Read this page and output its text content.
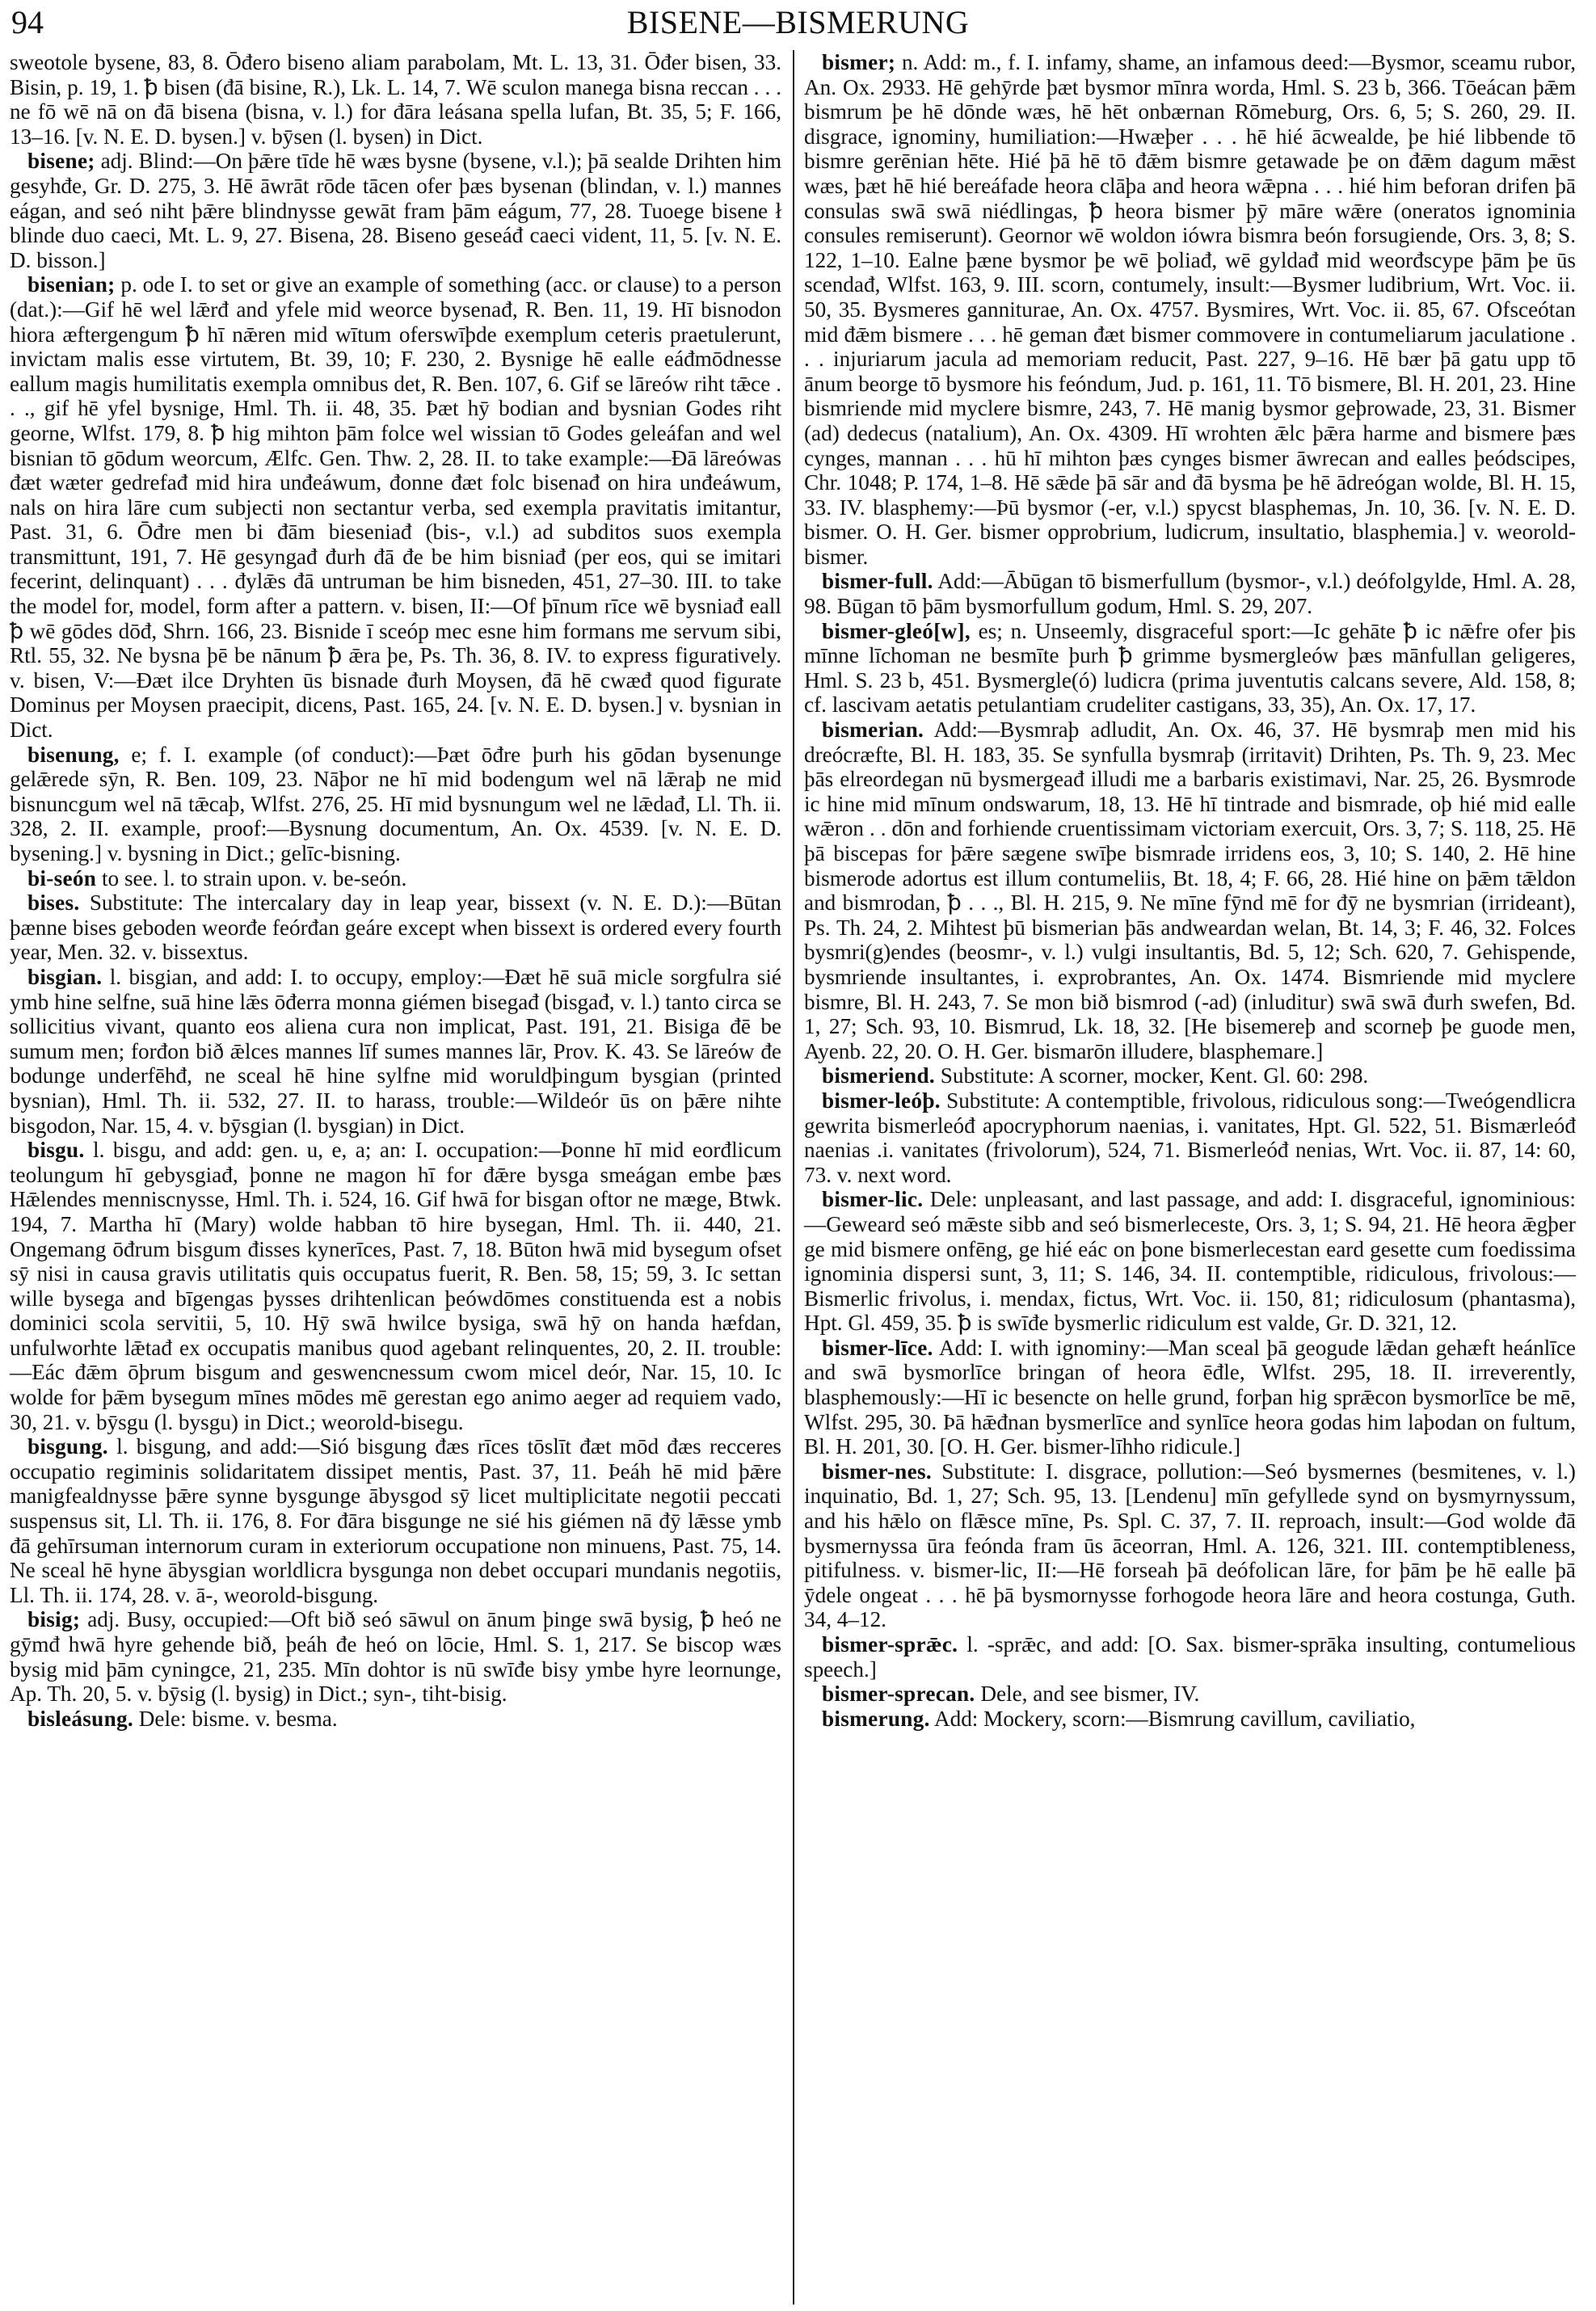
94	BISENE—BISMERUNG

sweotole bysene, 83, 8. Ōđero biseno aliam parabolam, Mt. L. 13, 31. Ōđer bisen, 33. Bisin, p. 19, 1. ꝥ bisen (đā bisine, R.), Lk. L. 14, 7. Wē sculon manega bisna reccan . . . ne fō wē nā on đā bisena (bisna, v. l.) for đāra leásana spella lufan, Bt. 35, 5; F. 166, 13–16. [v. N. E. D. bysen.] v. bȳsen (l. bysen) in Dict.

bisene; adj. Blind:—On þǣre tīde hē wæs bysne (bysene, v.l.); þā sealde Drihten him gesyhđe, Gr. D. 275, 3. Hē āwrāt rōde tācen ofer þæs bysenan (blindan, v. l.) mannes eágan, and seó niht þǣre blindnysse gewāt fram þām eágum, 77, 28. Tuoege bisene ł blinde duo caeci, Mt. L. 9, 27. Bisena, 28. Biseno geseáđ caeci vident, 11, 5. [v. N. E. D. bisson.]

bisenian; p. ode I. to set or give an example of something (acc. or clause) to a person (dat.):—Gif hē wel lǣrđ and yfele mid weorce bysenađ, R. Ben. 11, 19. Hī bisnodon hiora æftergengum ꝥ hī nǣren mid wītum oferswīþde exemplum ceteris praetulerunt, invictam malis esse virtutem, Bt. 39, 10; F. 230, 2. Bysnige hē ealle eáđmōdnesse eallum magis humilitatis exempla omnibus det, R. Ben. 107, 6. Gif se lāreów riht tǣce . . ., gif hē yfel bysnige, Hml. Th. ii. 48, 35. Þæt hȳ bodian and bysnian Godes riht georne, Wlfst. 179, 8. ꝥ hig mihton þām folce wel wissian tō Godes geleáfan and wel bisnian tō gōdum weorcum, Ælfc. Gen. Thw. 2, 28. II. to take example:—Đā lāreówas đæt wæter gedrefađ mid hira unđeáwum, đonne đæt folc bisenađ on hira unđeáwum, nals on hira lāre cum subjecti non sectantur verba, sed exempla pravitatis imitantur, Past. 31, 6. Ōđre men bi đām bieseniađ (bis-, v.l.) ad subditos suos exempla transmittunt, 191, 7. Hē gesyngađ đurh đā đe be him bisniađ (per eos, qui se imitari fecerint, delinquant) . . . đylǣs đā untruman be him bisneden, 451, 27–30. III. to take the model for, model, form after a pattern. v. bisen, II:—Of þīnum rīce wē bysniađ eall ꝥ wē gōdes dōđ, Shrn. 166, 23. Bisnide ī sceóp mec esne him formans me servum sibi, Rtl. 55, 32. Ne bysna þē be nānum ꝥ ǣra þe, Ps. Th. 36, 8. IV. to express figuratively. v. bisen, V:—Đæt ilce Dryhten ūs bisnade đurh Moysen, đā hē cwæđ quod figurate Dominus per Moysen praecipit, dicens, Past. 165, 24. [v. N. E. D. bysen.] v. bysnian in Dict.

bisenung, e; f. I. example (of conduct):—Þæt ōđre þurh his gōdan bysenunge gelǣrede sȳn, R. Ben. 109, 23. Nāþor ne hī mid bodengum wel nā lǣraþ ne mid bisnuncgum wel nā tǣcaþ, Wlfst. 276, 25. Hī mid bysnungum wel ne lǣdađ, Ll. Th. ii. 328, 2. II. example, proof:—Bysnung documentum, An. Ox. 4539. [v. N. E. D. bysening.] v. bysning in Dict.; gelīc-bisning.

bi-seón to see. l. to strain upon. v. be-seón.

bises. Substitute: The intercalary day in leap year, bissext (v. N. E. D.):—Būtan þænne bises geboden weorđe feórđan geáre except when bissext is ordered every fourth year, Men. 32. v. bissextus.

bisgian. l. bisgian, and add: I. to occupy, employ:—Đæt hē suā micle sorgfulra sié ymb hine selfne, suā hine lǣs ōđerra monna giémen bisegađ (bisgađ, v. l.) tanto circa se sollicitius vivant, quanto eos aliena cura non implicat, Past. 191, 21. Bisiga đē be sumum men; forđon bið ǣlces mannes līf sumes mannes lār, Prov. K. 43. Se lāreów đe bodunge underfēhđ, ne sceal hē hine sylfne mid woruldþingum bysgian (printed bysnian), Hml. Th. ii. 532, 27. II. to harass, trouble:—Wildeór ūs on þǣre nihte bisgodon, Nar. 15, 4. v. bȳsgian (l. bysgian) in Dict.

bisgu. l. bisgu, and add: gen. u, e, a; an: I. occupation:—Þonne hī mid eorđlicum teolungum hī gebysgiađ, þonne ne magon hī for đǣre bysga smeágan embe þæs Hǣlendes menniscnysse, Hml. Th. i. 524, 16. Gif hwā for bisgan oftor ne mæge, Btwk. 194, 7. Martha hī (Mary) wolde habban tō hire bysegan, Hml. Th. ii. 440, 21. Ongemang ōđrum bisgum đisses kynerīces, Past. 7, 18. Būton hwā mid bysegum ofset sȳ nisi in causa gravis utilitatis quis occupatus fuerit, R. Ben. 58, 15; 59, 3. Ic settan wille bysega and bīgengas þysses drihtenlican þeówdōmes constituenda est a nobis dominici scola servitii, 5, 10. Hȳ swā hwilce bysiga, swā hȳ on handa hæfdan, unfulworhte lǣtađ ex occupatis manibus quod agebant relinquentes, 20, 2. II. trouble:—Eác đǣm ōþrum bisgum and geswencnessum cwom micel deór, Nar. 15, 10. Ic wolde for þǣm bysegum mīnes mōdes mē gerestan ego animo aeger ad requiem vado, 30, 21. v. bȳsgu (l. bysgu) in Dict.; weorold-bisegu.

bisgung. l. bisgung, and add:—Sió bisgung đæs rīces tōslīt đæt mōd đæs recceres occupatio regiminis solidaritatem dissipet mentis, Past. 37, 11. Þeáh hē mid þǣre manigfealdnysse þǣre synne bysgunge ābysgod sȳ licet multiplicitate negotii peccati suspensus sit, Ll. Th. ii. 176, 8. For đāra bisgunge ne sié his giémen nā đȳ lǣsse ymb đā gehīrsuman internorum curam in exteriorum occupatione non minuens, Past. 75, 14. Ne sceal hē hyne ābysgian worldlicra bysgunga non debet occupari mundanis negotiis, Ll. Th. ii. 174, 28. v. ā-, weorold-bisgung.

bisig; adj. Busy, occupied:—Oft bið seó sāwul on ānum þinge swā bysig, ꝥ heó ne gȳmđ hwā hyre gehende bið, þeáh đe heó on lōcie, Hml. S. 1, 217. Se biscop wæs bysig mid þām cyningce, 21, 235. Mīn dohtor is nū swīđe bisy ymbe hyre leornunge, Ap. Th. 20, 5. v. bȳsig (l. bysig) in Dict.; syn-, tiht-bisig.

bisleásung. Dele: bisme. v. besma.

bismer; n. Add: m., f. I. infamy, shame, an infamous deed:—Bysmor, sceamu rubor, An. Ox. 2933. Hē gehȳrde þæt bysmor mīnra worda, Hml. S. 23 b, 366. Tōeácan þǣm bismrum þe hē dōnde wæs, hē hēt onbærnan Rōmeburg, Ors. 6, 5; S. 260, 29. II. disgrace, ignominy, humiliation:—Hwæþer . . . hē hié ācwealde, þe hié libbende tō bismre gerēnian hēte. Hié þā hē tō đǣm bismre getawade þe on đǣm dagum mǣst wæs, þæt hē hié bereáfade heora clāþa and heora wǣpna . . . hié him beforan drifen þā consulas swā swā niédlingas, ꝥ heora bismer þȳ māre wǣre (oneratos ignominia consules remiserunt). Geornor wē woldon iówra bismra beón forsugiende, Ors. 3, 8; S. 122, 1–10. Ealne þæne bysmor þe wē þoliađ, wē gyldađ mid weorđscype þām þe ūs scendađ, Wlfst. 163, 9. III. scorn, contumely, insult:—Bysmer ludibrium, Wrt. Voc. ii. 50, 35. Bysmeres ganniturae, An. Ox. 4757. Bysmires, Wrt. Voc. ii. 85, 67. Ofsceótan mid đǣm bismere . . . hē geman đæt bismer commovere in contumeliarum jaculatione . . . injuriarum jacula ad memoriam reducit, Past. 227, 9–16. Hē bær þā gatu upp tō ānum beorge tō bysmore his feóndum, Jud. p. 161, 11. Tō bismere, Bl. H. 201, 23. Hine bismriende mid myclere bismre, 243, 7. Hē manig bysmor geþrowade, 23, 31. Bismer (ad) dedecus (natalium), An. Ox. 4309. Hī wrohten ǣlc þǣra harme and bismere þæs cynges, mannan . . . hū hī mihton þæs cynges bismer āwrecan and ealles þeódscipes, Chr. 1048; P. 174, 1–8. Hē sǣde þā sār and đā bysma þe hē ādreógan wolde, Bl. H. 15, 33. IV. blasphemy:—Þū bysmor (-er, v.l.) spycst blasphemas, Jn. 10, 36. [v. N. E. D. bismer. O. H. Ger. bismer opprobrium, ludicrum, insultatio, blasphemia.] v. weorold-bismer.

bismer-full. Add:—Ābūgan tō bismerfullum (bysmor-, v.l.) deófolgylde, Hml. A. 28, 98. Būgan tō þām bysmorfullum godum, Hml. S. 29, 207.

bismer-gleó[w], es; n. Unseemly, disgraceful sport:—Ic gehāte ꝥ ic nǣfre ofer þis mīnne līchoman ne besmīte þurh ꝥ grimme bysmergleów þæs mānfullan geligeres, Hml. S. 23 b, 451. Bysmergle(ó) ludicra (prima juventutis calcans severe, Ald. 158, 8; cf. lascivam aetatis petulantiam crudeliter castigans, 33, 35), An. Ox. 17, 17.

bismerian. Add:—Bysmraþ adludit, An. Ox. 46, 37. Hē bysmraþ men mid his dreócræfte, Bl. H. 183, 35. Se synfulla bysmraþ (irritavit) Drihten, Ps. Th. 9, 23. Mec þās elreordegan nū bysmergeađ illudi me a barbaris existimavi, Nar. 25, 26. Bysmrode ic hine mid mīnum ondswarum, 18, 13. Hē hī tintrade and bismrade, oþ hié mid ealle wǣron . . dōn and forhiende cruentissimam victoriam exercuit, Ors. 3, 7; S. 118, 25. Hē þā biscepas for þǣre sægene swīþe bismrade irridens eos, 3, 10; S. 140, 2. Hē hine bismerode adortus est illum contumeliis, Bt. 18, 4; F. 66, 28. Hié hine on þǣm tǣldon and bismrodan, ꝥ . . ., Bl. H. 215, 9. Ne mīne fȳnd mē for đȳ ne bysmrian (irrideant), Ps. Th. 24, 2. Mihtest þū bismerian þās andweardan welan, Bt. 14, 3; F. 46, 32. Folces bysmri(g)endes (beosmr-, v. l.) vulgi insultantis, Bd. 5, 12; Sch. 620, 7. Gehispende, bysmriende insultantes, i. exprobrantes, An. Ox. 1474. Bismriende mid myclere bismre, Bl. H. 243, 7. Se mon bið bismrod (-ad) (inluditur) swā swā đurh swefen, Bd. 1, 27; Sch. 93, 10. Bismrud, Lk. 18, 32. [He bisemereþ and scorneþ þe guode men, Ayenb. 22, 20. O. H. Ger. bismarōn illudere, blasphemare.]

bismeriend. Substitute: A scorner, mocker, Kent. Gl. 60: 298.

bismer-leóþ. Substitute: A contemptible, frivolous, ridiculous song:—Tweógendlicra gewrita bismerleóđ apocryphorum naenias, i. vanitates, Hpt. Gl. 522, 51. Bismærleóđ naenias .i. vanitates (frivolorum), 524, 71. Bismerleóđ nenias, Wrt. Voc. ii. 87, 14: 60, 73. v. next word.

bismer-lic. Dele: unpleasant, and last passage, and add: I. disgraceful, ignominious:—Geweard seó mǣste sibb and seó bismerleceste, Ors. 3, 1; S. 94, 21. Hē heora ǣgþer ge mid bismere onfēng, ge hié eác on þone bismerlecestan eard gesette cum foedissima ignominia dispersi sunt, 3, 11; S. 146, 34. II. contemptible, ridiculous, frivolous:—Bismerlic frivolus, i. mendax, fictus, Wrt. Voc. ii. 150, 81; ridiculosum (phantasma), Hpt. Gl. 459, 35. ꝥ is swīđe bysmerlic ridiculum est valde, Gr. D. 321, 12.

bismer-līce. Add: I. with ignominy:—Man sceal þā geogude lǣdan gehæft heánlīce and swā bysmorlīce bringan of heora ēđle, Wlfst. 295, 18. II. irreverently, blasphemously:—Hī ic besencte on helle grund, forþan hig sprǣcon bysmorlīce be mē, Wlfst. 295, 30. Þā hǣđnan bysmerlīce and synlīce heora godas him laþodan on fultum, Bl. H. 201, 30. [O. H. Ger. bismer-līhho ridicule.]

bismer-nes. Substitute: I. disgrace, pollution:—Seó bysmernes (besmitenes, v. l.) inquinatio, Bd. 1, 27; Sch. 95, 13. [Lendenu] mīn gefyllede synd on bysmyrnyssum, and his hǣlo on flǣsce mīne, Ps. Spl. C. 37, 7. II. reproach, insult:—God wolde đā bysmernyssa ūra feónda fram ūs āceorran, Hml. A. 126, 321. III. contemptibleness, pitifulness. v. bismer-lic, II:—Hē forseah þā deófolican lāre, for þām þe hē ealle þā ȳdele ongeat . . . hē þā bysmornysse forhogode heora lāre and heora costunga, Guth. 34, 4–12.

bismer-sprǣc. l. -sprǣc, and add: [O. Sax. bismer-sprāka insulting, contumelious speech.]

bismer-sprecan. Dele, and see bismer, IV.

bismerung. Add: Mockery, scorn:—Bismrung cavillum, caviliatio,
